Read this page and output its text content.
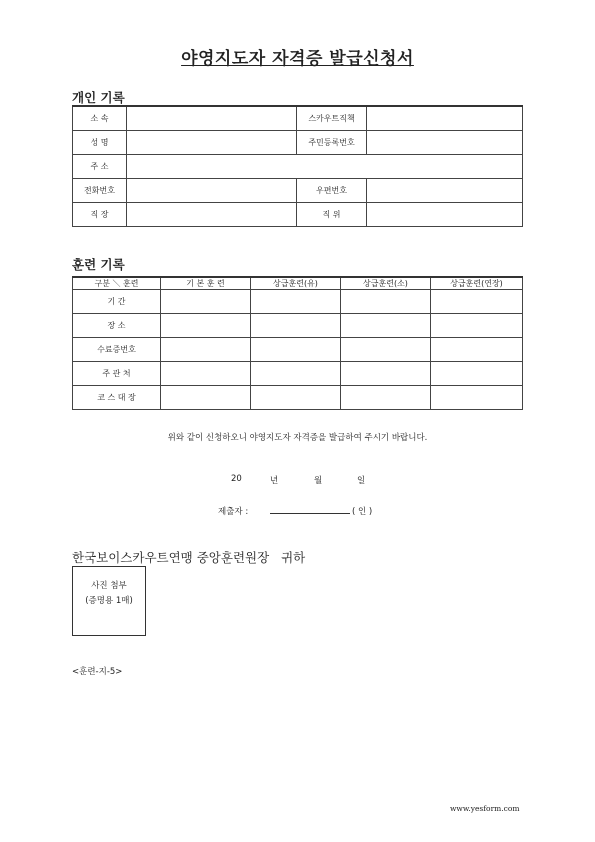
야영지도자 자격증 발급신청서
개인 기록
소 속		스카우트직책	
성 명		주민등록번호	
주 소			
전화번호		우편번호	
직 장		직 위	
훈련 기록
구분 ＼ 훈련	기 본 훈 련	상급훈련(유)	상급훈련(소)	상급훈련(연장)
기 간				
장 소				
수료증번호				
주 관 처				
코 스 대 장				
위와 같이 신청하오니 야영지도자 자격증을 발급하여 주시기 바랍니다.
20	년	월	일
제출자 :	( 인 )
한국보이스카우트연맹 중앙훈련원장   귀하
사진 첨부
(증명용 1매)
<훈련-지-5>
www.yesform.com
